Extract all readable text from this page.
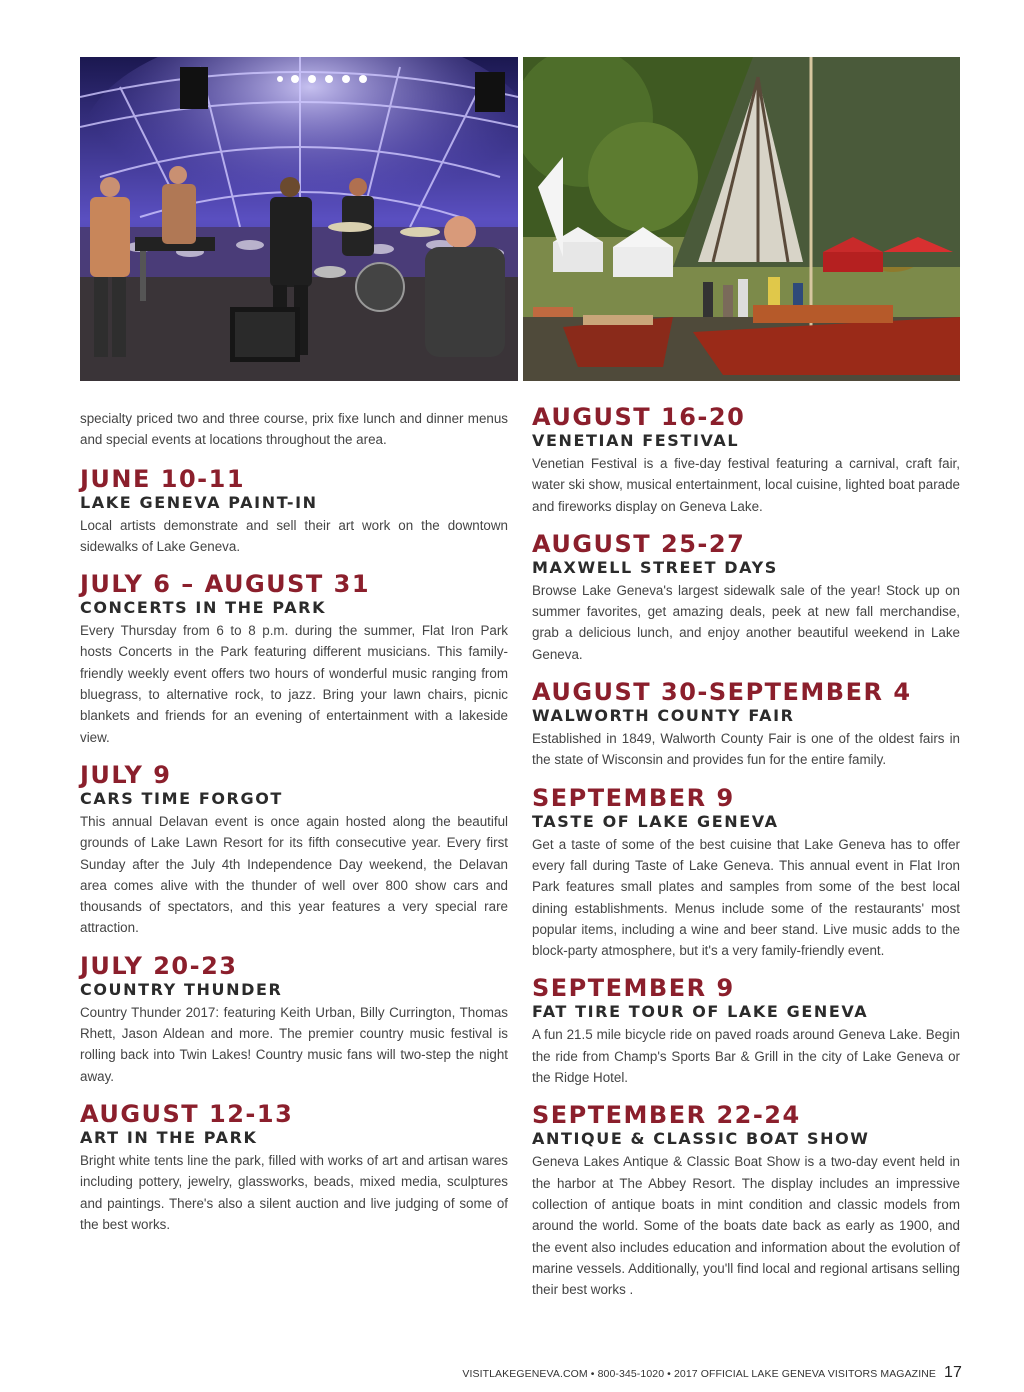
specialty priced two and three course, prix fixe lunch and dinner menus and special events at locations throughout the area.

JUNE 10-11
LAKE GENEVA PAINT-IN

Local artists demonstrate and sell their art work on the downtown sidewalks of Lake Geneva.

JULY 6 – AUGUST 31
CONCERTS IN THE PARK

Every Thursday from 6 to 8 p.m. during the summer, Flat Iron Park hosts Concerts in the Park featuring different musicians. This family-friendly weekly event offers two hours of wonderful music ranging from bluegrass, to alternative rock, to jazz. Bring your lawn chairs, picnic blankets and friends for an evening of entertainment with a lakeside view.

JULY 9
CARS TIME FORGOT

This annual Delavan event is once again hosted along the beautiful grounds of Lake Lawn Resort for its fifth consecutive year. Every first Sunday after the July 4th Independence Day weekend, the Delavan area comes alive with the thunder of well over 800 show cars and thousands of spectators, and this year features a very special rare attraction.

JULY 20-23
COUNTRY THUNDER

Country Thunder 2017: featuring Keith Urban, Billy Currington, Thomas Rhett, Jason Aldean and more. The premier country music festival is rolling back into Twin Lakes! Country music fans will two-step the night away.

AUGUST 12-13
ART IN THE PARK

Bright white tents line the park, filled with works of art and artisan wares including pottery, jewelry, glassworks, beads, mixed media, sculptures and paintings. There's also a silent auction and live judging of some of the best works.

AUGUST 16-20
VENETIAN FESTIVAL

Venetian Festival is a five-day festival featuring a carnival, craft fair, water ski show, musical entertainment, local cuisine, lighted boat parade and fireworks display on Geneva Lake.

AUGUST 25-27
MAXWELL STREET DAYS

Browse Lake Geneva's largest sidewalk sale of the year! Stock up on summer favorites, get amazing deals, peek at new fall merchandise, grab a delicious lunch, and enjoy another beautiful weekend in Lake Geneva.

AUGUST 30-SEPTEMBER 4
WALWORTH COUNTY FAIR

Established in 1849, Walworth County Fair is one of the oldest fairs in the state of Wisconsin and provides fun for the entire family.

SEPTEMBER 9
TASTE OF LAKE GENEVA

Get a taste of some of the best cuisine that Lake Geneva has to offer every fall during Taste of Lake Geneva. This annual event in Flat Iron Park features small plates and samples from some of the best local dining establishments. Menus include some of the restaurants' most popular items, including a wine and beer stand. Live music adds to the block-party atmosphere, but it's a very family-friendly event.

SEPTEMBER 9
FAT TIRE TOUR OF LAKE GENEVA

A fun 21.5 mile bicycle ride on paved roads around Geneva Lake. Begin the ride from Champ's Sports Bar & Grill in the city of Lake Geneva or the Ridge Hotel.

SEPTEMBER 22-24
ANTIQUE & CLASSIC BOAT SHOW

Geneva Lakes Antique & Classic Boat Show is a two-day event held in the harbor at The Abbey Resort. The display includes an impressive collection of antique boats in mint condition and classic models from around the world. Some of the boats date back as early as 1900, and the event also includes education and information about the evolution of marine vessels. Additionally, you'll find local and regional artisans selling their best works .

VISITLAKEGENEVA.COM • 800-345-1020 • 2017 OFFICIAL LAKE GENEVA VISITORS MAGAZINE 17
